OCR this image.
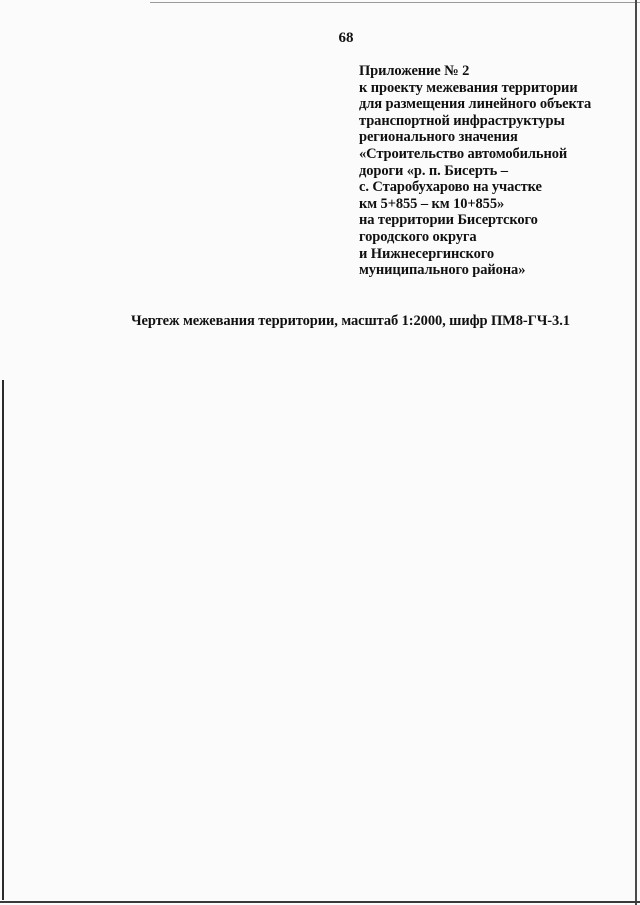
68
Приложение № 2
к проекту межевания территории
для размещения линейного объекта
транспортной инфраструктуры
регионального значения
«Строительство автомобильной
дороги «р. п. Бисерть –
с. Старобухарово на участке
км 5+855 – км 10+855»
на территории Бисертского
городского округа
и Нижнесергинского
муниципального района»
Чертеж межевания территории, масштаб 1:2000, шифр ПМ8-ГЧ-3.1
